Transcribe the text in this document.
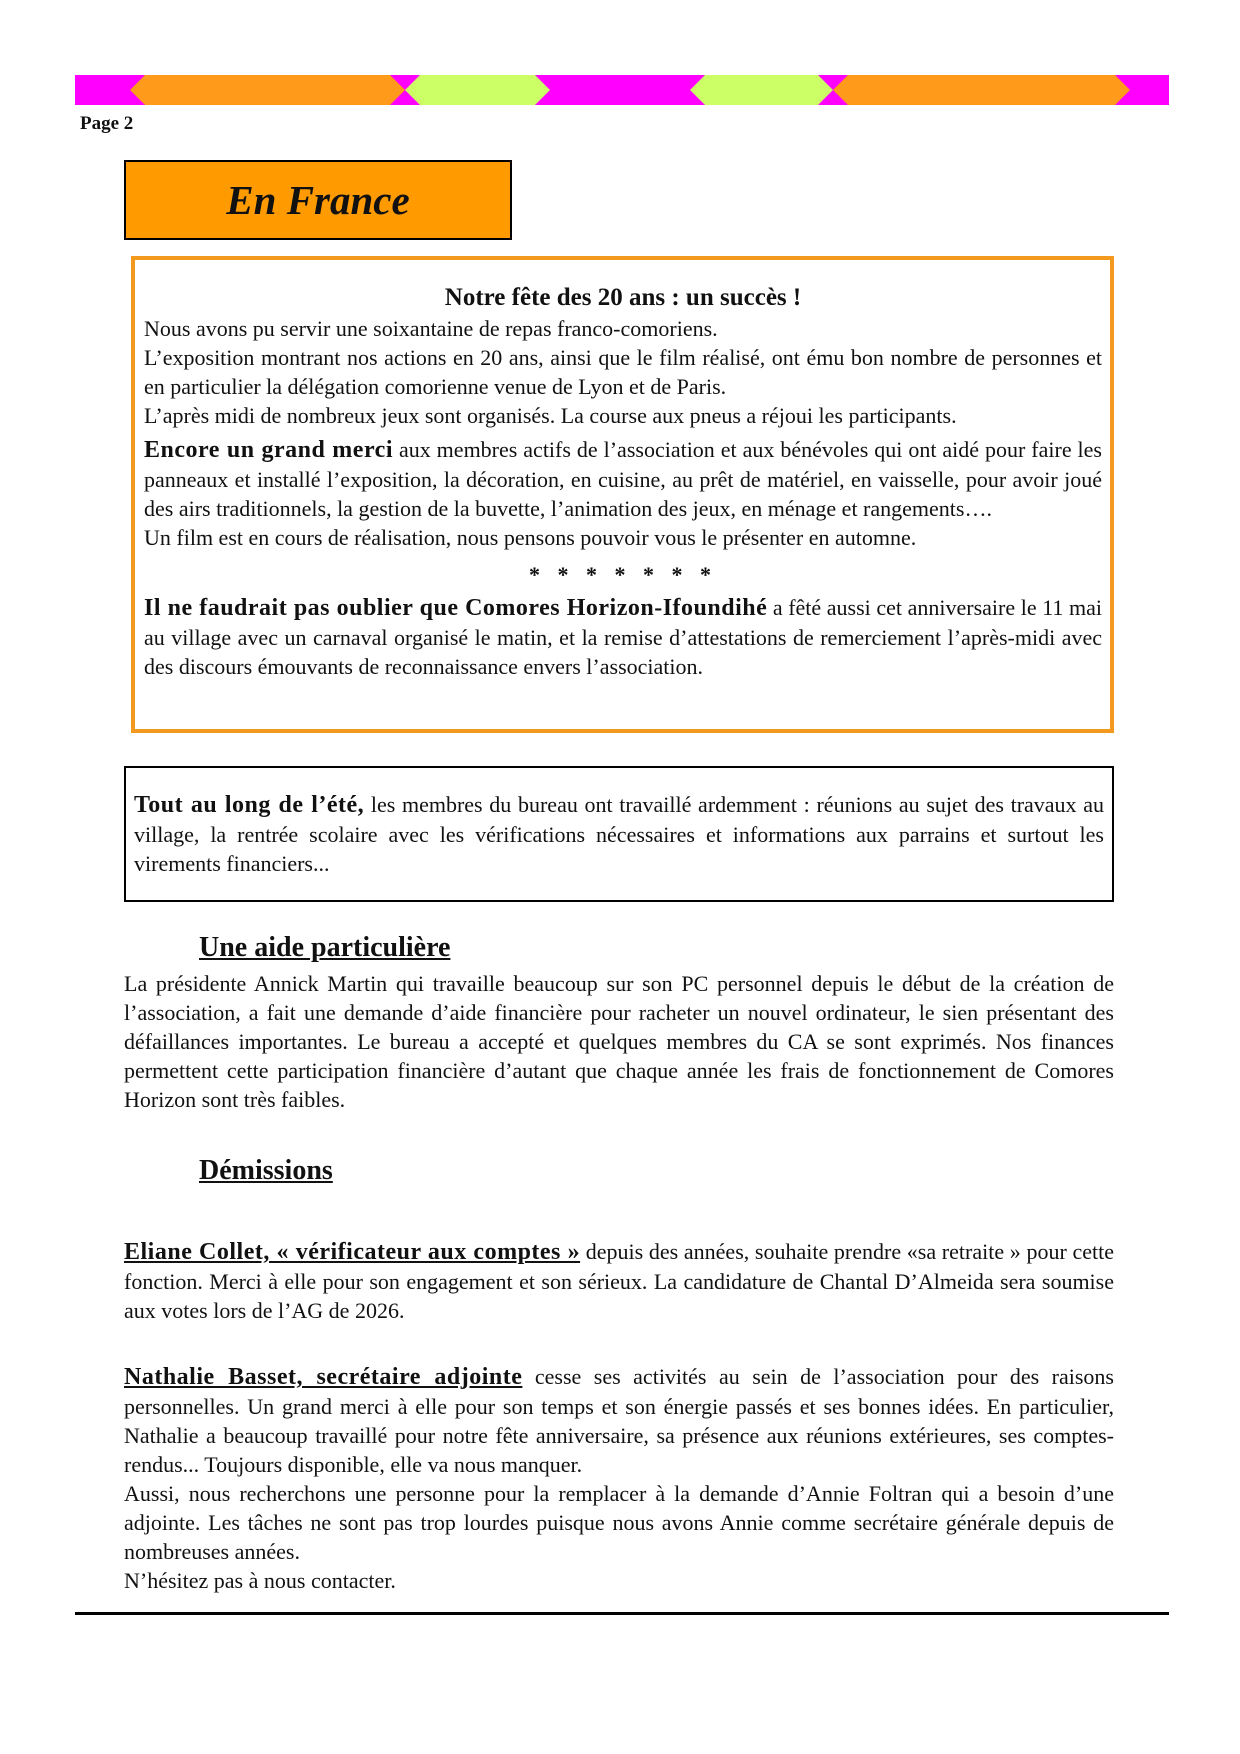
Page 2
En France
Notre fête des 20 ans : un succès !

Nous avons pu servir une soixantaine de repas franco-comoriens.

L’exposition montrant nos actions en 20 ans, ainsi que le film réalisé, ont ému bon nombre de personnes et en particulier la délégation comorienne venue de Lyon et de Paris.

L’après midi de nombreux jeux sont organisés. La course aux pneus a réjoui les participants.

Encore un grand merci aux membres actifs de l’association et aux bénévoles qui ont aidé pour faire les panneaux et installé l’exposition, la décoration, en cuisine, au prêt de matériel, en vaisselle, pour avoir joué des airs traditionnels, la gestion de la buvette, l’animation des jeux, en ménage et rangements….

Un film est en cours de réalisation, nous pensons pouvoir vous le présenter en automne.

* * * * * * *

Il ne faudrait pas oublier que Comores Horizon-Ifoundihé a fêté aussi cet anniversaire le 11 mai au village avec un carnaval organisé le matin, et la remise d’attestations de remerciement l’après-midi avec des discours émouvants de reconnaissance envers l’association.

Tout au long de l’été, les membres du bureau ont travaillé ardemment : réunions au sujet des travaux au village, la rentrée scolaire avec les vérifications nécessaires et informations aux parrains et surtout les virements financiers...

Une aide particulière
La présidente Annick Martin qui travaille beaucoup sur son PC personnel depuis le début de la création de l’association, a fait une demande d’aide financière pour racheter un nouvel ordinateur, le sien présentant des défaillances importantes. Le bureau a accepté et quelques membres du CA se sont exprimés. Nos finances permettent cette participation financière d’autant que chaque année les frais de fonctionnement de Comores Horizon sont très faibles.
Démissions

Eliane Collet, « vérificateur aux comptes » depuis des années, souhaite prendre «sa retraite » pour cette fonction. Merci à elle pour son engagement et son sérieux. La candidature de Chantal D’Almeida sera soumise aux votes lors de l’AG de 2026.

Nathalie Basset, secrétaire adjointe cesse ses activités au sein de l’association pour des raisons personnelles. Un grand merci à elle pour son temps et son énergie passés et ses bonnes idées. En particulier, Nathalie a beaucoup travaillé pour notre fête anniversaire, sa présence aux réunions extérieures, ses comptes-rendus... Toujours disponible, elle va nous manquer.

Aussi, nous recherchons une personne pour la remplacer à la demande d’Annie Foltran qui a besoin d’une adjointe. Les tâches ne sont pas trop lourdes puisque nous avons Annie comme secrétaire générale depuis de nombreuses années.

N’hésitez pas à nous contacter.
